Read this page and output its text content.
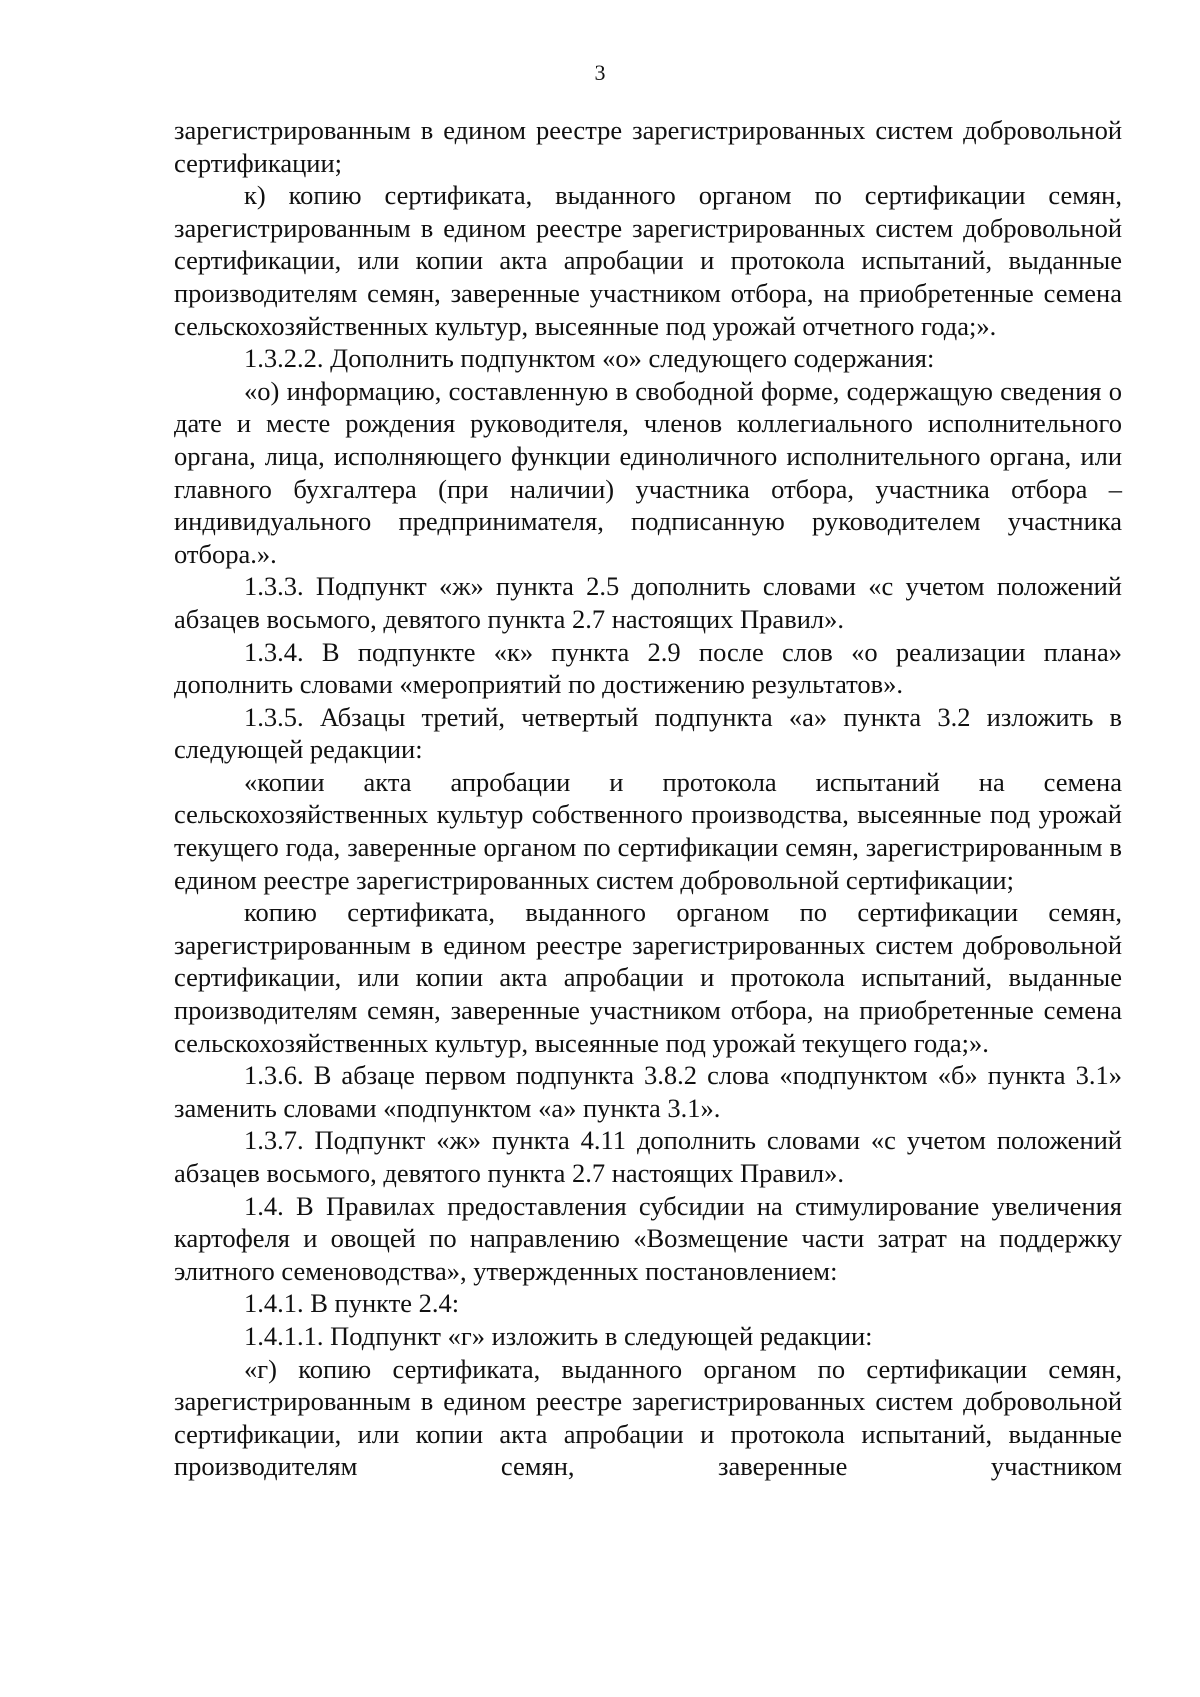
3

зарегистрированным в едином реестре зарегистрированных систем добровольной сертификации;

к) копию сертификата, выданного органом по сертификации семян, зарегистрированным в едином реестре зарегистрированных систем добровольной сертификации, или копии акта апробации и протокола испытаний, выданные производителям семян, заверенные участником отбора, на приобретенные семена сельскохозяйственных культур, высеянные под урожай отчетного года;».

1.3.2.2. Дополнить подпунктом «о» следующего содержания:

«о) информацию, составленную в свободной форме, содержащую сведения о дате и месте рождения руководителя, членов коллегиального исполнительного органа, лица, исполняющего функции единоличного исполнительного органа, или главного бухгалтера (при наличии) участника отбора, участника отбора – индивидуального предпринимателя, подписанную руководителем участника отбора.».

1.3.3. Подпункт «ж» пункта 2.5 дополнить словами «с учетом положений абзацев восьмого, девятого пункта 2.7 настоящих Правил».

1.3.4. В подпункте «к» пункта 2.9 после слов «о реализации плана» дополнить словами «мероприятий по достижению результатов».

1.3.5. Абзацы третий, четвертый подпункта «а» пункта 3.2 изложить в следующей редакции:

«копии акта апробации и протокола испытаний на семена сельскохозяйственных культур собственного производства, высеянные под урожай текущего года, заверенные органом по сертификации семян, зарегистрированным в едином реестре зарегистрированных систем добровольной сертификации;

копию сертификата, выданного органом по сертификации семян, зарегистрированным в едином реестре зарегистрированных систем добровольной сертификации, или копии акта апробации и протокола испытаний, выданные производителям семян, заверенные участником отбора, на приобретенные семена сельскохозяйственных культур, высеянные под урожай текущего года;».

1.3.6. В абзаце первом подпункта 3.8.2 слова «подпунктом «б» пункта 3.1» заменить словами «подпунктом «а» пункта 3.1».

1.3.7. Подпункт «ж» пункта 4.11 дополнить словами «с учетом положений абзацев восьмого, девятого пункта 2.7 настоящих Правил».

1.4. В Правилах предоставления субсидии на стимулирование увеличения картофеля и овощей по направлению «Возмещение части затрат на поддержку элитного семеноводства», утвержденных постановлением:

1.4.1. В пункте 2.4:

1.4.1.1. Подпункт «г» изложить в следующей редакции:

«г) копию сертификата, выданного органом по сертификации семян, зарегистрированным в едином реестре зарегистрированных систем добровольной сертификации, или копии акта апробации и протокола испытаний, выданные производителям семян, заверенные участником
